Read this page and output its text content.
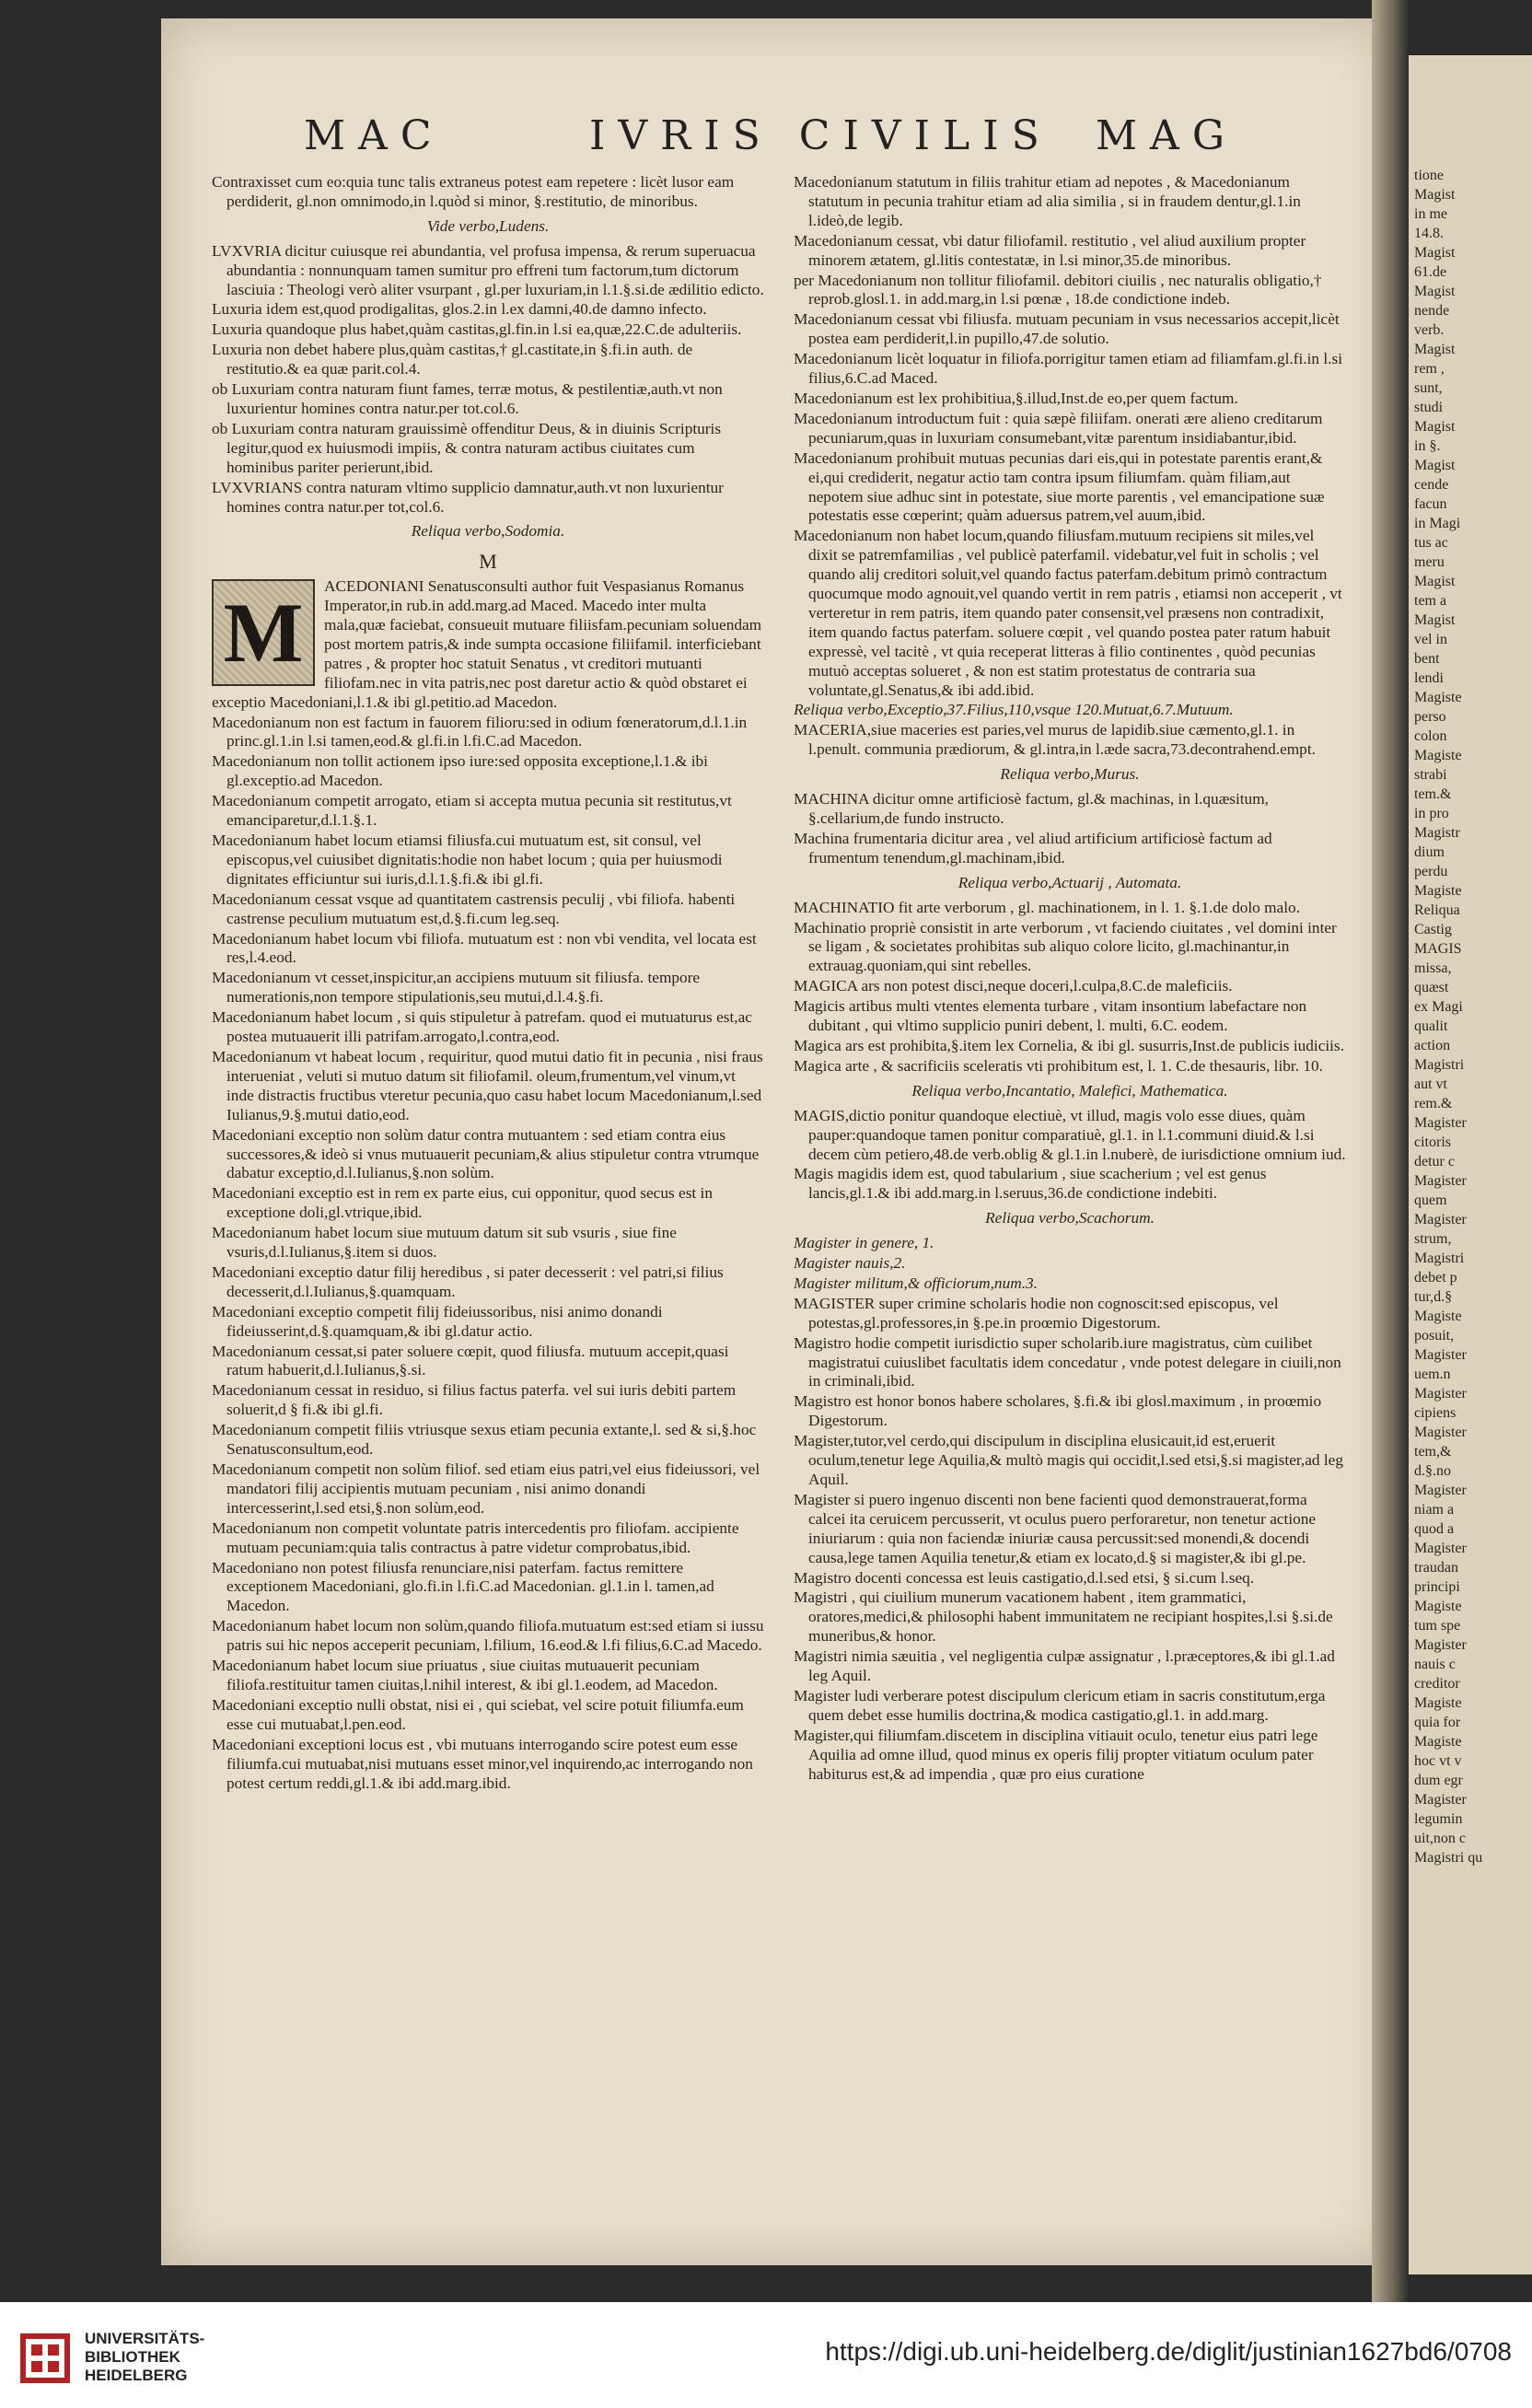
tione
Magist
in me
14.8.
Magist
61.de
Magist
nende
verb.
Magist
rem ,
sunt,
studi
Magist
in §.
Magist
cende
facun
in Magi
tus ac
meru
Magist
tem a
Magist
vel in
bent
lendi
Magiste
perso
colon
Magiste
strabi
tem.&
in pro
Magistr
dium
perdu
Magiste
Reliqua
Castig
MAGIS
missa,
quæst
ex Magi
qualit
action
Magistri
aut vt
rem.&
Magister
citoris
detur c
Magister
quem
Magister
strum,
Magistri
debet p
tur,d.§
Magiste
posuit,
Magister
uem.n
Magister
cipiens
Magister
tem,&
d.§.no
Magister
niam a
quod a
Magister
traudan
principi
Magiste
tum spe
Magister
nauis c
creditor
Magiste
quia for
Magiste
hoc vt v
dum egr
Magister
legumin
uit,non c
Magistri qu
MAC	IVRIS CIVILIS MAG

Contraxisset cum eo:quia tunc talis extraneus potest eam repetere : licèt lusor eam perdiderit, gl.non omnimodo,in l.quòd si minor, §.restitutio, de minoribus.

Vide verbo,Ludens.

LVXVRIA dicitur cuiusque rei abundantia, vel profusa impensa, & rerum superuacua abundantia : nonnunquam tamen sumitur pro effreni tum factorum,tum dictorum lasciuia : Theologi verò aliter vsurpant , gl.per luxuriam,in l.1.§.si.de ædilitio edicto.

Luxuria idem est,quod prodigalitas, glos.2.in l.ex damni,40.de damno infecto.

Luxuria quandoque plus habet,quàm castitas,gl.fin.in l.si ea,quæ,22.C.de adulteriis.

Luxuria non debet habere plus,quàm castitas,† gl.castitate,in §.fi.in auth. de restitutio.& ea quæ parit.col.4.

ob Luxuriam contra naturam fiunt fames, terræ motus, & pestilentiæ,auth.vt non luxurientur homines contra natur.per tot.col.6.

ob Luxuriam contra naturam grauissimè offenditur Deus, & in diuinis Scripturis legitur,quod ex huiusmodi impiis, & contra naturam actibus ciuitates cum hominibus pariter perierunt,ibid.

LVXVRIANS contra naturam vltimo supplicio damnatur,auth.vt non luxurientur homines contra natur.per tot,col.6.

Reliqua verbo,Sodomia.

M

M	ACEDONIANI Senatusconsulti author fuit Vespasianus Romanus Imperator,in rub.in add.marg.ad Maced. Macedo inter multa mala,quæ faciebat, consueuit mutuare filiisfam.pecuniam soluendam post mortem patris,& inde sumpta occasione filiifamil. interficiebant patres , & propter hoc statuit Senatus , vt creditori mutuanti filiofam.nec in vita patris,nec post daretur actio & quòd obstaret ei exceptio Macedoniani,l.1.& ibi gl.petitio.ad Macedon.

Macedonianum non est factum in fauorem filioru:sed in odium fœneratorum,d.l.1.in princ.gl.1.in l.si tamen,eod.& gl.fi.in l.fi.C.ad Macedon.

Macedonianum non tollit actionem ipso iure:sed opposita exceptione,l.1.& ibi gl.exceptio.ad Macedon.

Macedonianum competit arrogato, etiam si accepta mutua pecunia sit restitutus,vt emanciparetur,d.l.1.§.1.

Macedonianum habet locum etiamsi filiusfa.cui mutuatum est, sit consul, vel episcopus,vel cuiusibet dignitatis:hodie non habet locum ; quia per huiusmodi dignitates efficiuntur sui iuris,d.l.1.§.fi.& ibi gl.fi.

Macedonianum cessat vsque ad quantitatem castrensis peculij , vbi filiofa. habenti castrense peculium mutuatum est,d.§.fi.cum leg.seq.

Macedonianum habet locum vbi filiofa. mutuatum est : non vbi vendita, vel locata est res,l.4.eod.

Macedonianum vt cesset,inspicitur,an accipiens mutuum sit filiusfa. tempore numerationis,non tempore stipulationis,seu mutui,d.l.4.§.fi.

Macedonianum habet locum , si quis stipuletur à patrefam. quod ei mutuaturus est,ac postea mutuauerit illi patrifam.arrogato,l.contra,eod.

Macedonianum vt habeat locum , requiritur, quod mutui datio fit in pecunia , nisi fraus interueniat , veluti si mutuo datum sit filiofamil. oleum,frumentum,vel vinum,vt inde distractis fructibus vteretur pecunia,quo casu habet locum Macedonianum,l.sed Iulianus,9.§.mutui datio,eod.

Macedoniani exceptio non solùm datur contra mutuantem : sed etiam contra eius successores,& ideò si vnus mutuauerit pecuniam,& alius stipuletur contra vtrumque dabatur exceptio,d.l.Iulianus,§.non solùm.

Macedoniani exceptio est in rem ex parte eius, cui opponitur, quod secus est in exceptione doli,gl.vtrique,ibid.

Macedonianum habet locum siue mutuum datum sit sub vsuris , siue fine vsuris,d.l.Iulianus,§.item si duos.

Macedoniani exceptio datur filij heredibus , si pater decesserit : vel patri,si filius decesserit,d.l.Iulianus,§.quamquam.

Macedoniani exceptio competit filij fideiussoribus, nisi animo donandi fideiusserint,d.§.quamquam,& ibi gl.datur actio.

Macedonianum cessat,si pater soluere cœpit, quod filiusfa. mutuum accepit,quasi ratum habuerit,d.l.Iulianus,§.si.

Macedonianum cessat in residuo, si filius factus paterfa. vel sui iuris debiti partem soluerit,d § fi.& ibi gl.fi.

Macedonianum competit filiis vtriusque sexus etiam pecunia extante,l. sed & si,§.hoc Senatusconsultum,eod.

Macedonianum competit non solùm filiof. sed etiam eius patri,vel eius fideiussori, vel mandatori filij accipientis mutuam pecuniam , nisi animo donandi intercesserint,l.sed etsi,§.non solùm,eod.

Macedonianum non competit voluntate patris intercedentis pro filiofam. accipiente mutuam pecuniam:quia talis contractus à patre videtur comprobatus,ibid.

Macedoniano non potest filiusfa renunciare,nisi paterfam. factus remittere exceptionem Macedoniani, glo.fi.in l.fi.C.ad Macedonian. gl.1.in l. tamen,ad Macedon.

Macedonianum habet locum non solùm,quando filiofa.mutuatum est:sed etiam si iussu patris sui hic nepos acceperit pecuniam, l.filium, 16.eod.& l.fi filius,6.C.ad Macedo.

Macedonianum habet locum siue priuatus , siue ciuitas mutuauerit pecuniam filiofa.restituitur tamen ciuitas,l.nihil interest, & ibi gl.1.eodem, ad Macedon.

Macedoniani exceptio nulli obstat, nisi ei , qui sciebat, vel scire potuit filiumfa.eum esse cui mutuabat,l.pen.eod.

Macedoniani exceptioni locus est , vbi mutuans interrogando scire potest eum esse filiumfa.cui mutuabat,nisi mutuans esset minor,vel inquirendo,ac interrogando non potest certum reddi,gl.1.& ibi add.marg.ibid.

Macedonianum statutum in filiis trahitur etiam ad nepotes , & Macedonianum statutum in pecunia trahitur etiam ad alia similia , si in fraudem dentur,gl.1.in l.ideò,de legib.

Macedonianum cessat, vbi datur filiofamil. restitutio , vel aliud auxilium propter minorem ætatem, gl.litis contestatæ, in l.si minor,35.de minoribus.

per Macedonianum non tollitur filiofamil. debitori ciuilis , nec naturalis obligatio,† reprob.glosl.1. in add.marg,in l.si pœnæ , 18.de condictione indeb.

Macedonianum cessat vbi filiusfa. mutuam pecuniam in vsus necessarios accepit,licèt postea eam perdiderit,l.in pupillo,47.de solutio.

Macedonianum licèt loquatur in filiofa.porrigitur tamen etiam ad filiamfam.gl.fi.in l.si filius,6.C.ad Maced.

Macedonianum est lex prohibitiua,§.illud,Inst.de eo,per quem factum.

Macedonianum introductum fuit : quia sæpè filiifam. onerati ære alieno creditarum pecuniarum,quas in luxuriam consumebant,vitæ parentum insidiabantur,ibid.

Macedonianum prohibuit mutuas pecunias dari eis,qui in potestate parentis erant,& ei,qui crediderit, negatur actio tam contra ipsum filiumfam. quàm filiam,aut nepotem siue adhuc sint in potestate, siue morte parentis , vel emancipatione suæ potestatis esse cœperint; quàm aduersus patrem,vel auum,ibid.

Macedonianum non habet locum,quando filiusfam.mutuum recipiens sit miles,vel dixit se patremfamilias , vel publicè paterfamil. videbatur,vel fuit in scholis ; vel quando alij creditori soluit,vel quando factus paterfam.debitum primò contractum quocumque modo agnouit,vel quando vertit in rem patris , etiamsi non acceperit , vt verteretur in rem patris, item quando pater consensit,vel præsens non contradixit, item quando factus paterfam. soluere cœpit , vel quando postea pater ratum habuit expressè, vel tacitè , vt quia receperat litteras à filio continentes , quòd pecunias mutuò acceptas solueret , & non est statim protestatus de contraria sua voluntate,gl.Senatus,& ibi add.ibid.

Reliqua verbo,Exceptio,37.Filius,110,vsque 120.Mutuat,6.7.Mutuum.

MACERIA,siue maceries est paries,vel murus de lapidib.siue cæmento,gl.1. in l.penult. communia prædiorum, & gl.intra,in l.æde sacra,73.decontrahend.empt.

Reliqua verbo,Murus.

MACHINA dicitur omne artificiosè factum, gl.& machinas, in l.quæsitum, §.cellarium,de fundo instructo.

Machina frumentaria dicitur area , vel aliud artificium artificiosè factum ad frumentum tenendum,gl.machinam,ibid.

Reliqua verbo,Actuarij , Automata.

MACHINATIO fit arte verborum , gl. machinationem, in l. 1. §.1.de dolo malo.

Machinatio propriè consistit in arte verborum , vt faciendo ciuitates , vel domini inter se ligam , & societates prohibitas sub aliquo colore licito, gl.machinantur,in extrauag.quoniam,qui sint rebelles.

MAGICA ars non potest disci,neque doceri,l.culpa,8.C.de maleficiis.

Magicis artibus multi vtentes elementa turbare , vitam insontium labefactare non dubitant , qui vltimo supplicio puniri debent, l. multi, 6.C. eodem.

Magica ars est prohibita,§.item lex Cornelia, & ibi gl. susurris,Inst.de publicis iudiciis.

Magica arte , & sacrificiis sceleratis vti prohibitum est, l. 1. C.de thesauris, libr. 10.

Reliqua verbo,Incantatio, Malefici, Mathematica.

MAGIS,dictio ponitur quandoque electiuè, vt illud, magis volo esse diues, quàm pauper:quandoque tamen ponitur comparatiuè, gl.1. in l.1.communi diuid.& l.si decem cùm petiero,48.de verb.oblig & gl.1.in l.nuberè, de iurisdictione omnium iud.

Magis magidis idem est, quod tabularium , siue scacherium ; vel est genus lancis,gl.1.& ibi add.marg.in l.seruus,36.de condictione indebiti.

Reliqua verbo,Scachorum.

Magister in genere, 1.

Magister nauis,2.

Magister militum,& officiorum,num.3.

MAGISTER super crimine scholaris hodie non cognoscit:sed episcopus, vel potestas,gl.professores,in §.pe.in proœmio Digestorum.

Magistro hodie competit iurisdictio super scholarib.iure magistratus, cùm cuilibet magistratui cuiuslibet facultatis idem concedatur , vnde potest delegare in ciuili,non in criminali,ibid.

Magistro est honor bonos habere scholares, §.fi.& ibi glosl.maximum , in proœmio Digestorum.

Magister,tutor,vel cerdo,qui discipulum in disciplina elusicauit,id est,eruerit oculum,tenetur lege Aquilia,& multò magis qui occidit,l.sed etsi,§.si magister,ad leg Aquil.

Magister si puero ingenuo discenti non bene facienti quod demonstrauerat,forma calcei ita ceruicem percusserit, vt oculus puero perforaretur, non tenetur actione iniuriarum : quia non faciendæ iniuriæ causa percussit:sed monendi,& docendi causa,lege tamen Aquilia tenetur,& etiam ex locato,d.§ si magister,& ibi gl.pe.

Magistro docenti concessa est leuis castigatio,d.l.sed etsi, § si.cum l.seq.

Magistri , qui ciuilium munerum vacationem habent , item grammatici, oratores,medici,& philosophi habent immunitatem ne recipiant hospites,l.si §.si.de muneribus,& honor.

Magistri nimia sæuitia , vel negligentia culpæ assignatur , l.præceptores,& ibi gl.1.ad leg Aquil.

Magister ludi verberare potest discipulum clericum etiam in sacris constitutum,erga quem debet esse humilis doctrina,& modica castigatio,gl.1. in add.marg.

Magister,qui filiumfam.discetem in disciplina vitiauit oculo, tenetur eius patri lege Aquilia ad omne illud, quod minus ex operis filij propter vitiatum oculum pater habiturus est,& ad impendia , quæ pro eius curatione

UNIVERSITÄTS-
BIBLIOTHEK
HEIDELBERG
https://digi.ub.uni-heidelberg.de/diglit/justinian1627bd6/0708
